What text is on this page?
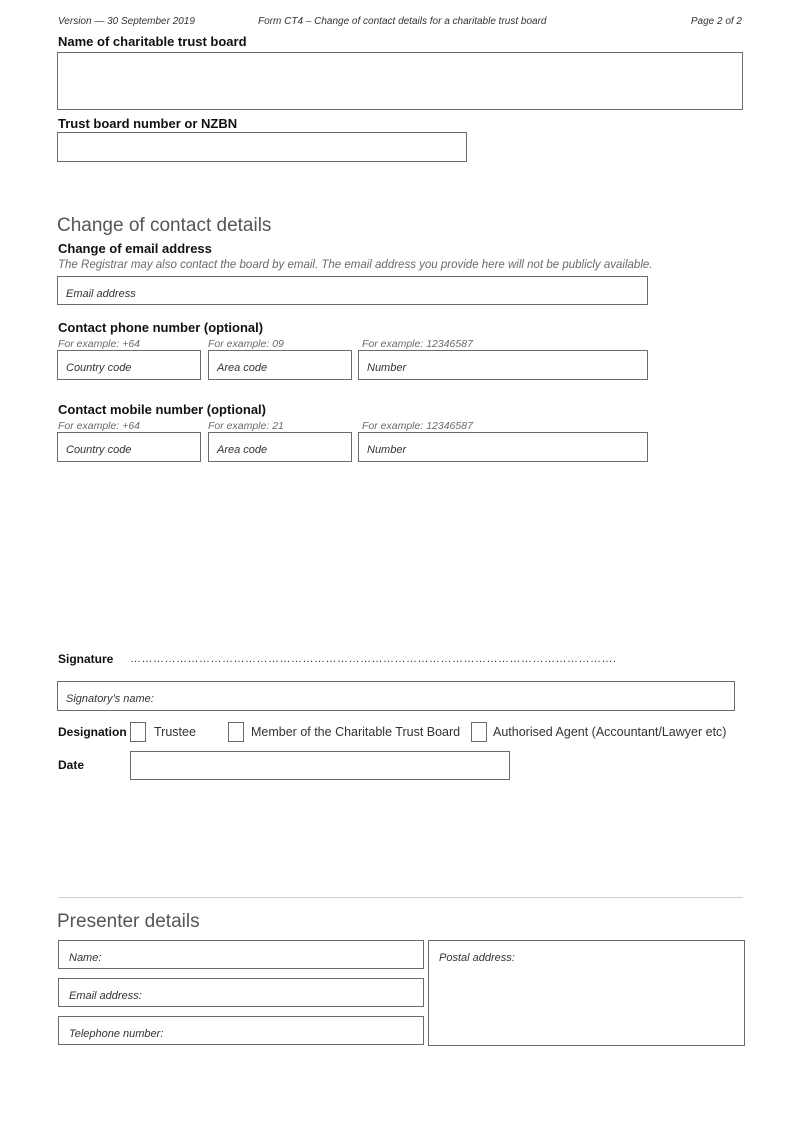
Version — 30 September 2019	Form CT4 – Change of contact details for a charitable trust board	Page 2 of 2
Name of charitable trust board
Trust board number or NZBN
Change of contact details
Change of email address
The Registrar may also contact the board by email. The email address you provide here will not be publicly available.
Email address
Contact phone number (optional)
For example: +64	For example: 09	For example: 12346587
Country code	Area code	Number
Contact mobile number (optional)
For example: +64	For example: 21	For example: 12346587
Country code	Area code	Number
Signature ……………………………………………………………………………………………………………….
Signatory’s name:
Designation Trustee	Member of the Charitable Trust Board	Authorised Agent (Accountant/Lawyer etc)
Date
Presenter details
Name:
Email address:
Telephone number:
Postal address:
